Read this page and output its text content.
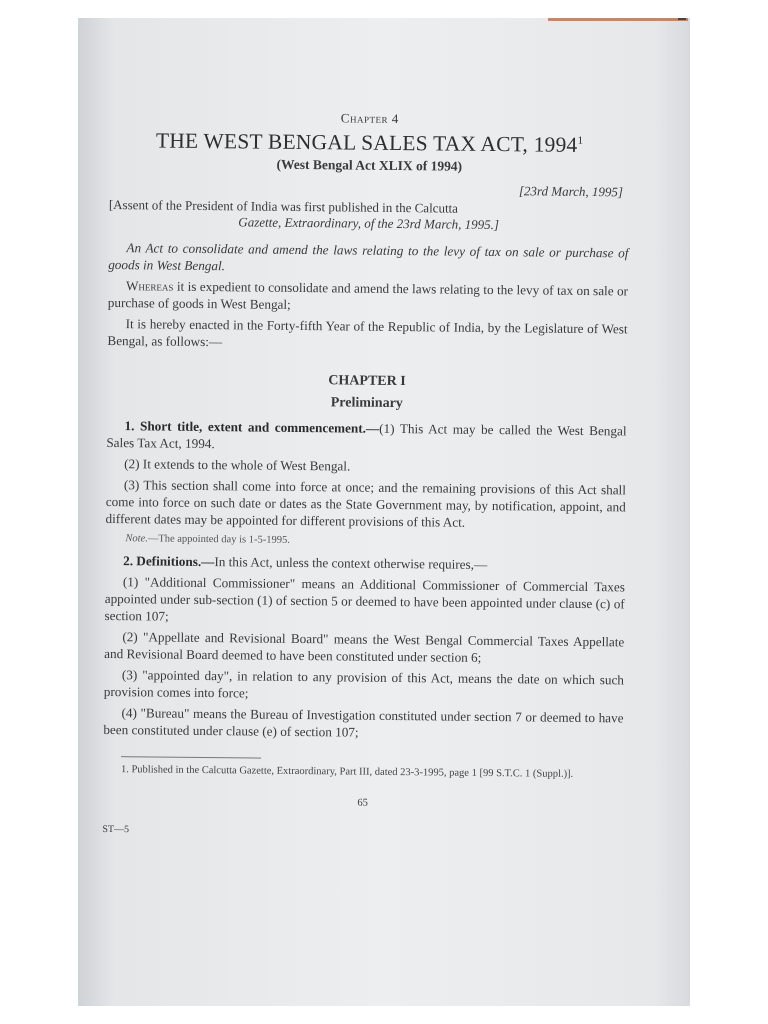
Chapter 4
THE WEST BENGAL SALES TAX ACT, 1994$^1$
(West Bengal Act XLIX of 1994)
[23rd March, 1995]
[Assent of the President of India was first published in the Calcutta
Gazette, Extraordinary, of the 23rd March, 1995.]

An Act to consolidate and amend the laws relating to the levy of tax on sale or purchase of goods in West Bengal.

Whereas it is expedient to consolidate and amend the laws relating to the levy of tax on sale or purchase of goods in West Bengal;

It is hereby enacted in the Forty-fifth Year of the Republic of India, by the Legislature of West Bengal, as follows:—

CHAPTER I
Preliminary

1. Short title, extent and commencement.—(1) This Act may be called the West Bengal Sales Tax Act, 1994.

(2) It extends to the whole of West Bengal.

(3) This section shall come into force at once; and the remaining provisions of this Act shall come into force on such date or dates as the State Government may, by notification, appoint, and different dates may be appointed for different provisions of this Act.

Note.—The appointed day is 1-5-1995.

2. Definitions.—In this Act, unless the context otherwise requires,—

(1) "Additional Commissioner" means an Additional Commissioner of Commercial Taxes appointed under sub-section (1) of section 5 or deemed to have been appointed under clause (c) of section 107;

(2) "Appellate and Revisional Board" means the West Bengal Commercial Taxes Appellate and Revisional Board deemed to have been constituted under section 6;

(3) "appointed day", in relation to any provision of this Act, means the date on which such provision comes into force;

(4) "Bureau" means the Bureau of Investigation constituted under section 7 or deemed to have been constituted under clause (e) of section 107;

1. Published in the Calcutta Gazette, Extraordinary, Part III, dated 23-3-1995, page 1 [99 S.T.C. 1 (Suppl.)].
65
ST—5
